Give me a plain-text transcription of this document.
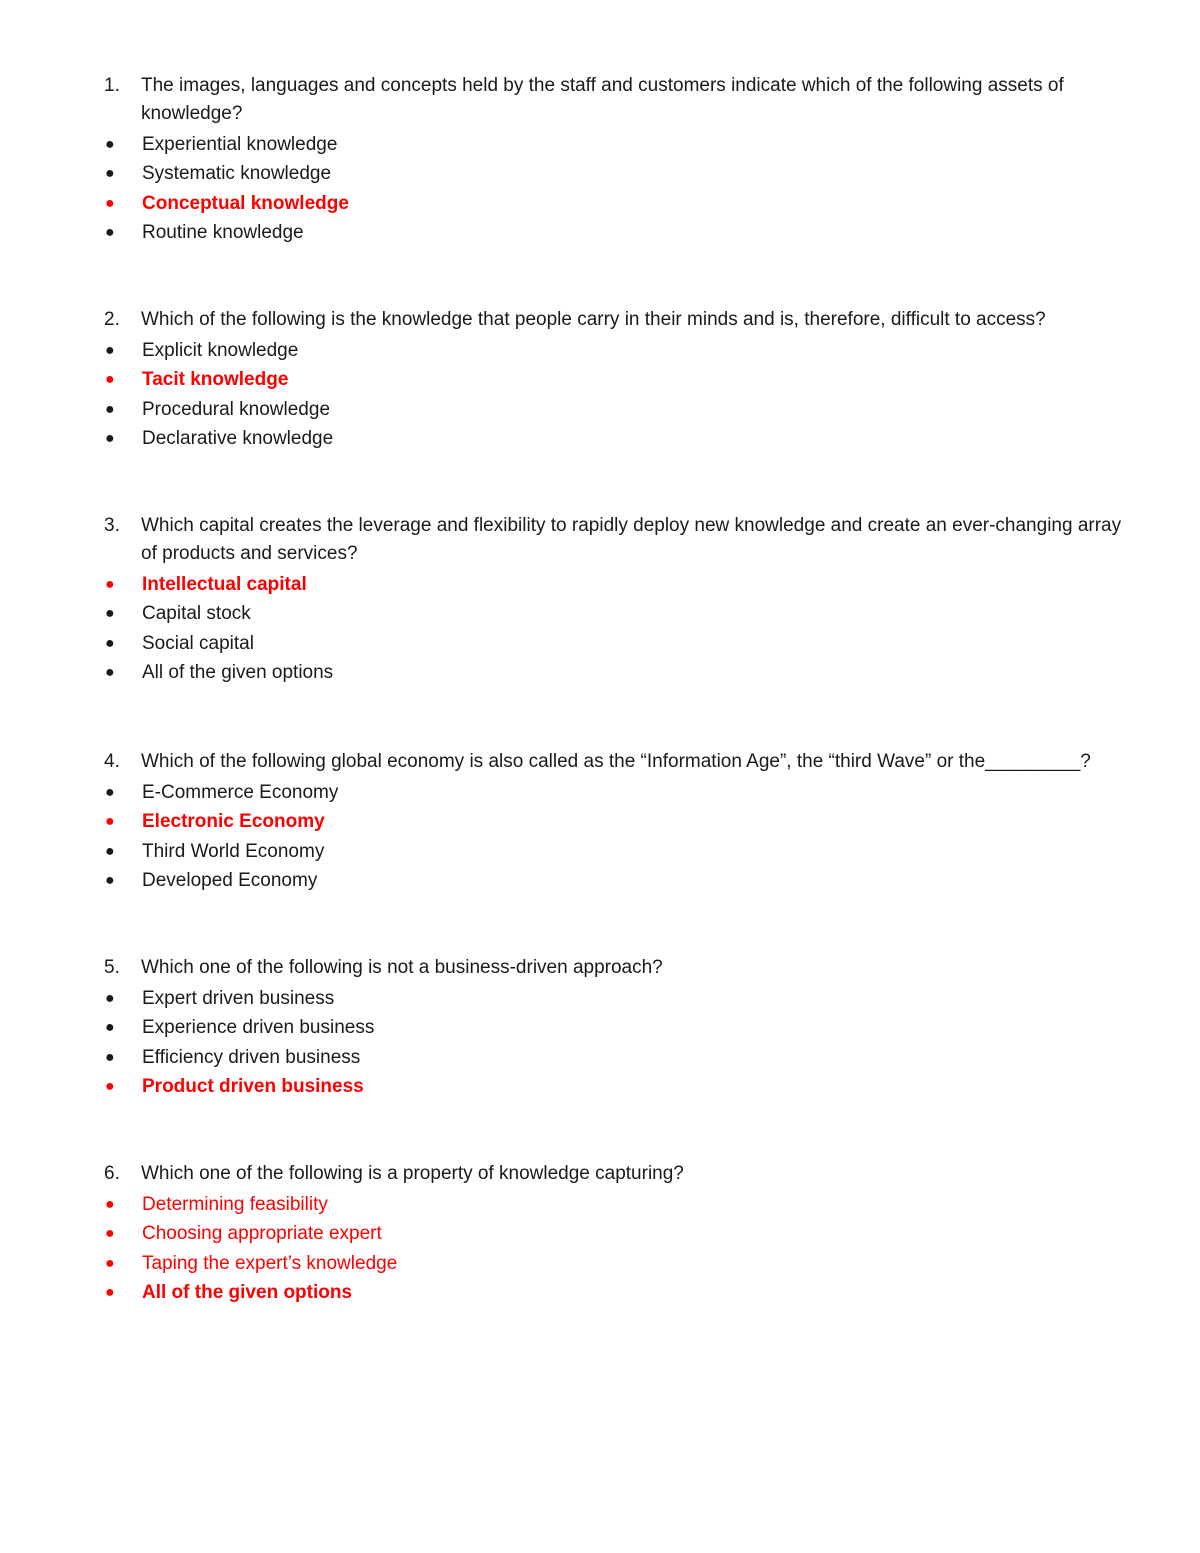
1.	The images, languages and concepts held by the staff and customers indicate which of the following assets of knowledge?
●	Experiential knowledge
●	Systematic knowledge
●	Conceptual knowledge
●	Routine knowledge
2.	Which of the following is the knowledge that people carry in their minds and is, therefore, difficult to access?
●	Explicit knowledge
●	Tacit knowledge
●	Procedural knowledge
●	Declarative knowledge
3.	Which capital creates the leverage and flexibility to rapidly deploy new knowledge and create an ever-changing array of products and services?
●	Intellectual capital
●	Capital stock
●	Social capital
●	All of the given options
4.	Which of the following global economy is also called as the “Information Age”, the “third Wave” or the_________?
●	E-Commerce Economy
●	Electronic Economy
●	Third World Economy
●	Developed Economy
5.	Which one of the following is not a business-driven approach?
●	Expert driven business
●	Experience driven business
●	Efficiency driven business
●	Product driven business
6.	Which one of the following is a property of knowledge capturing?
●	Determining feasibility
●	Choosing appropriate expert
●	Taping the expert’s knowledge
●	All of the given options
